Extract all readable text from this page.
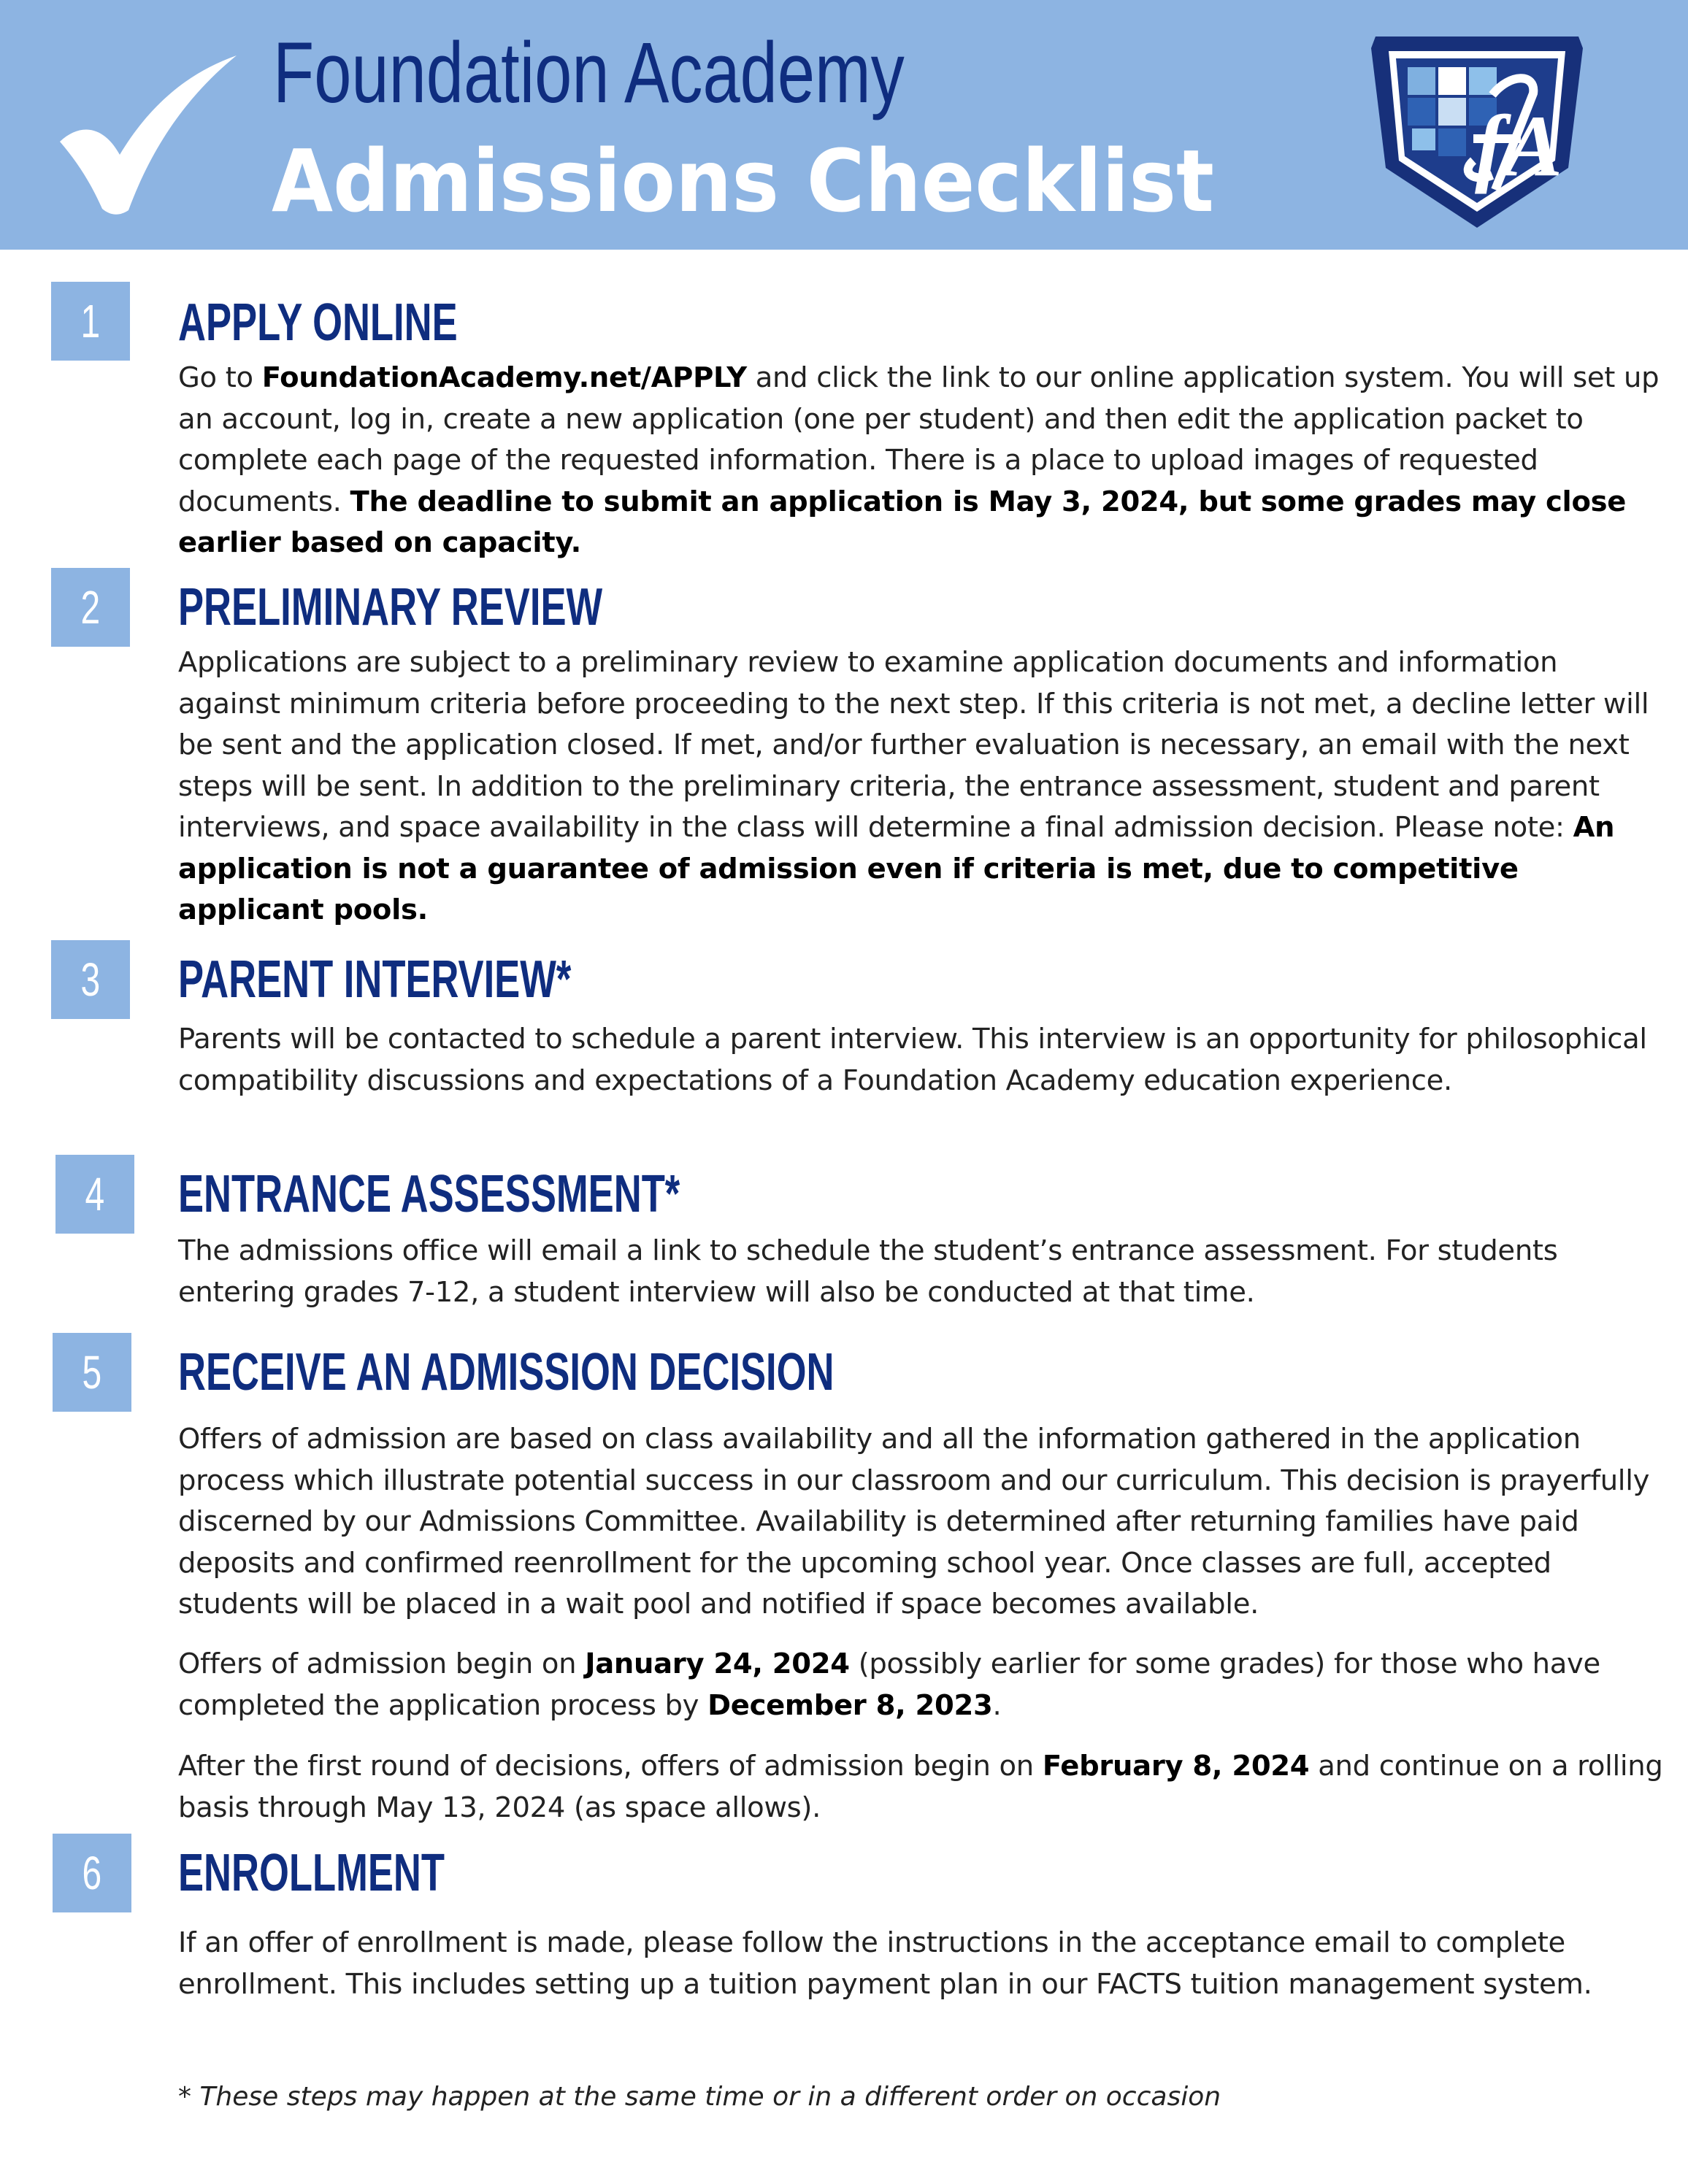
Foundation Academy
Admissions Checklist	fA
1	APPLY ONLINE
Go to FoundationAcademy.net/APPLY and click the link to our online application system. You will set up an account, log in, create a new application (one per student) and then edit the application packet to complete each page of the requested information. There is a place to upload images of requested documents. The deadline to submit an application is May 3, 2024, but some grades may close earlier based on capacity.
2	PRELIMINARY REVIEW
Applications are subject to a preliminary review to examine application documents and information against minimum criteria before proceeding to the next step. If this criteria is not met, a decline letter will be sent and the application closed. If met, and/or further evaluation is necessary, an email with the next steps will be sent. In addition to the preliminary criteria, the entrance assessment, student and parent interviews, and space availability in the class will determine a final admission decision. Please note: An application is not a guarantee of admission even if criteria is met, due to competitive applicant pools.
3	PARENT INTERVIEW*
Parents will be contacted to schedule a parent interview. This interview is an opportunity for philosophical compatibility discussions and expectations of a Foundation Academy education experience.
4	ENTRANCE ASSESSMENT*
The admissions office will email a link to schedule the student’s entrance assessment. For students entering grades 7-12, a student interview will also be conducted at that time.
5	RECEIVE AN ADMISSION DECISION
Offers of admission are based on class availability and all the information gathered in the application process which illustrate potential success in our classroom and our curriculum. This decision is prayerfully discerned by our Admissions Committee. Availability is determined after returning families have paid deposits and confirmed reenrollment for the upcoming school year. Once classes are full, accepted students will be placed in a wait pool and notified if space becomes available.
Offers of admission begin on January 24, 2024 (possibly earlier for some grades) for those who have completed the application process by December 8, 2023.
After the first round of decisions, offers of admission begin on February 8, 2024 and continue on a rolling basis through May 13, 2024 (as space allows).
6	ENROLLMENT
If an offer of enrollment is made, please follow the instructions in the acceptance email to complete enrollment. This includes setting up a tuition payment plan in our FACTS tuition management system.
* These steps may happen at the same time or in a different order on occasion
